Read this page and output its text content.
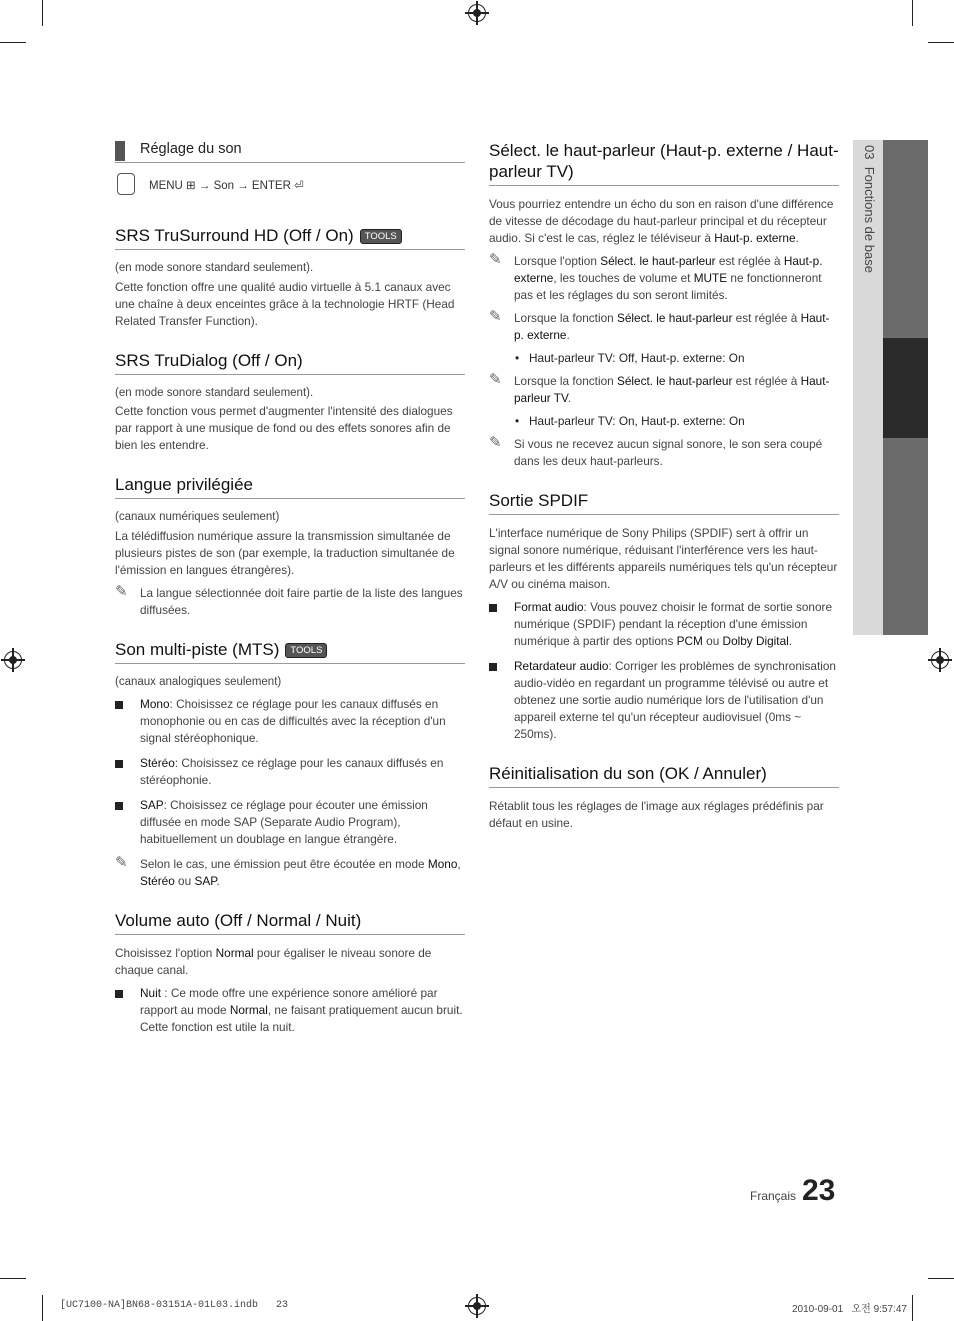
03  Fonctions de base
Réglage du son
MENU ⊞ → Son → ENTER ⏎
SRS TruSurround HD (Off / On) TOOLS

(en mode sonore standard seulement).

Cette fonction offre une qualité audio virtuelle à 5.1 canaux avec une chaîne à deux enceintes grâce à la technologie HRTF (Head Related Transfer Function).

SRS TruDialog (Off / On)

(en mode sonore standard seulement).

Cette fonction vous permet d'augmenter l'intensité des dialogues par rapport à une musique de fond ou des effets sonores afin de bien les entendre.

Langue privilégiée

(canaux numériques seulement)

La télédiffusion numérique assure la transmission simultanée de plusieurs pistes de son (par exemple, la traduction simultanée de l'émission en langues étrangères).

✎ La langue sélectionnée doit faire partie de la liste des langues diffusées.
Son multi-piste (MTS) TOOLS

(canaux analogiques seulement)

Mono: Choisissez ce réglage pour les canaux diffusés en monophonie ou en cas de difficultés avec la réception d'un signal stéréophonique.
Stéréo: Choisissez ce réglage pour les canaux diffusés en stéréophonie.
SAP: Choisissez ce réglage pour écouter une émission diffusée en mode SAP (Separate Audio Program), habituellement un doublage en langue étrangère.
✎ Selon le cas, une émission peut être écoutée en mode Mono, Stéréo ou SAP.
Volume auto (Off / Normal / Nuit)

Choisissez l'option Normal pour égaliser le niveau sonore de chaque canal.

Nuit : Ce mode offre une expérience sonore amélioré par rapport au mode Normal, ne faisant pratiquement aucun bruit. Cette fonction est utile la nuit.
Sélect. le haut-parleur (Haut-p. externe / Haut-parleur TV)

Vous pourriez entendre un écho du son en raison d'une différence de vitesse de décodage du haut-parleur principal et du récepteur audio. Si c'est le cas, réglez le téléviseur à Haut-p. externe.

✎ Lorsque l'option Sélect. le haut-parleur est réglée à Haut-p. externe, les touches de volume et MUTE ne fonctionneront pas et les réglages du son seront limités.
✎ Lorsque la fonction Sélect. le haut-parleur est réglée à Haut-p. externe.
• Haut-parleur TV: Off, Haut-p. externe: On
✎ Lorsque la fonction Sélect. le haut-parleur est réglée à Haut-parleur TV.
• Haut-parleur TV: On, Haut-p. externe: On
✎ Si vous ne recevez aucun signal sonore, le son sera coupé dans les deux haut-parleurs.
Sortie SPDIF

L'interface numérique de Sony Philips (SPDIF) sert à offrir un signal sonore numérique, réduisant l'interférence vers les haut-parleurs et les différents appareils numériques tels qu'un récepteur A/V ou cinéma maison.

Format audio: Vous pouvez choisir le format de sortie sonore numérique (SPDIF) pendant la réception d'une émission numérique à partir des options PCM ou Dolby Digital.
Retardateur audio: Corriger les problèmes de synchronisation audio-vidéo en regardant un programme télévisé ou autre et obtenez une sortie audio numérique lors de l'utilisation d'un appareil externe tel qu'un récepteur audiovisuel (0ms ~ 250ms).
Réinitialisation du son (OK / Annuler)

Rétablit tous les réglages de l'image aux réglages prédéfinis par défaut en usine.

Français 23
[UC7100-NA]BN68-03151A-01L03.indb   23	2010-09-01   오전 9:57:47
